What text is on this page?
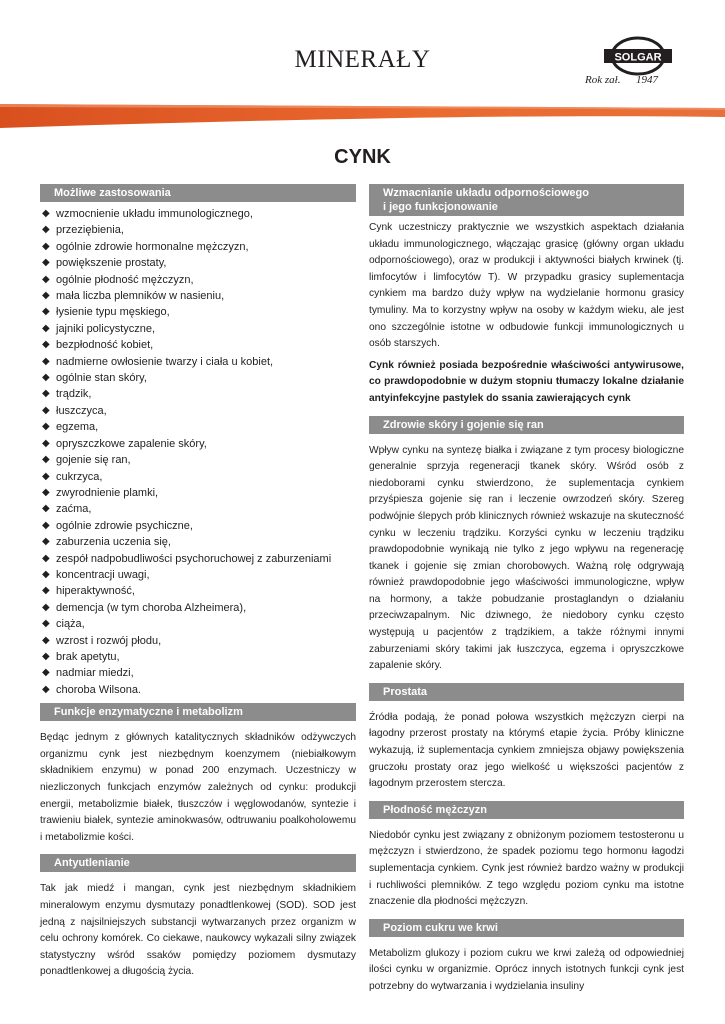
MINERAŁY	SOLGAR
Rok zał. 1947
CYNK
Możliwe zastosowania
◆ wzmocnienie układu immunologicznego,
◆ przeziębienia,
◆ ogólnie zdrowie hormonalne mężczyzn,
◆ powiększenie prostaty,
◆ ogólnie płodność mężczyzn,
◆ mała liczba plemników w nasieniu,
◆ łysienie typu męskiego,
◆ jajniki policystyczne,
◆ bezpłodność kobiet,
◆ nadmierne owłosienie twarzy i ciała u kobiet,
◆ ogólnie stan skóry,
◆ trądzik,
◆ łuszczyca,
◆ egzema,
◆ opryszczkowe zapalenie skóry,
◆ gojenie się ran,
◆ cukrzyca,
◆ zwyrodnienie plamki,
◆ zaćma,
◆ ogólnie zdrowie psychiczne,
◆ zaburzenia uczenia się,
◆ zespół nadpobudliwości psychoruchowej z zaburzeniami
◆ koncentracji uwagi,
◆ hiperaktywność,
◆ demencja (w tym choroba Alzheimera),
◆ ciąża,
◆ wzrost i rozwój płodu,
◆ brak apetytu,
◆ nadmiar miedzi,
◆ choroba Wilsona.
Funkcje enzymatyczne i metabolizm

Będąc jednym z głównych katalitycznych składników odżywczych organizmu cynk jest niezbędnym koenzymem (niebiałkowym składnikiem enzymu) w ponad 200 enzymach. Uczestniczy w niezliczonych funkcjach enzymów zależnych od cynku: produkcji energii, metabolizmie białek, tłuszczów i węglowodanów, syntezie i trawieniu białek, syntezie aminokwasów, odtruwaniu poalkoholowemu i metabolizmie kości.

Antyutlenianie

Tak jak miedź i mangan, cynk jest niezbędnym składnikiem mineralowym enzymu dysmutazy ponadtlenkowej (SOD). SOD jest jedną z najsilniejszych substancji wytwarzanych przez organizm w celu ochrony komórek. Co ciekawe, naukowcy wykazali silny związek statystyczny wśród ssaków pomiędzy poziomem dysmutazy ponadtlenkowej a długością życia.

Wzmacnianie układu odpornościowego
i jego funkcjonowanie

Cynk uczestniczy praktycznie we wszystkich aspektach działania układu immunologicznego, włączając grasicę (główny organ układu odpornościowego), oraz w produkcji i aktywności białych krwinek (tj. limfocytów i limfocytów T). W przypadku grasicy suplementacja cynkiem ma bardzo duży wpływ na wydzielanie hormonu grasicy tymuliny. Ma to korzystny wpływ na osoby w każdym wieku, ale jest ono szczególnie istotne w odbudowie funkcji immunologicznych u osób starszych.

Cynk również posiada bezpośrednie właściwości antywirusowe, co prawdopodobnie w dużym stopniu tłumaczy lokalne działanie antyinfekcyjne pastylek do ssania zawierających cynk

Zdrowie skóry i gojenie się ran

Wpływ cynku na syntezę białka i związane z tym procesy biologiczne generalnie sprzyja regeneracji tkanek skóry. Wśród osób z niedoborami cynku stwierdzono, że suplementacja cynkiem przyśpiesza gojenie się ran i leczenie owrzodzeń skóry. Szereg podwójnie ślepych prób klinicznych również wskazuje na skuteczność cynku w leczeniu trądziku. Korzyści cynku w leczeniu trądziku prawdopodobnie wynikają nie tylko z jego wpływu na regenerację tkanek i gojenie się zmian chorobowych. Ważną rolę odgrywają również prawdopodobnie jego właściwości immunologiczne, wpływ na hormony, a także pobudzanie prostaglandyn o działaniu przeciwzapalnym. Nic dziwnego, że niedobory cynku często występują u pacjentów z trądzikiem, a także różnymi innymi zaburzeniami skóry takimi jak łuszczyca, egzema i opryszczkowe zapalenie skóry.

Prostata

Źródła podają, że ponad połowa wszystkich mężczyzn cierpi na łagodny przerost prostaty na którymś etapie życia. Próby kliniczne wykazują, iż suplementacja cynkiem zmniejsza objawy powiększenia gruczołu prostaty oraz jego wielkość u większości pacjentów z łagodnym przerostem stercza.

Płodność mężczyzn

Niedobór cynku jest związany z obniżonym poziomem testosteronu u mężczyzn i stwierdzono, że spadek poziomu tego hormonu łagodzi suplementacja cynkiem. Cynk jest również bardzo ważny w produkcji i ruchliwości plemników. Z tego względu poziom cynku ma istotne znaczenie dla płodności mężczyzn.

Poziom cukru we krwi

Metabolizm glukozy i poziom cukru we krwi zależą od odpowiedniej ilości cynku w organizmie. Oprócz innych istotnych funkcji cynk jest potrzebny do wytwarzania i wydzielania insuliny
